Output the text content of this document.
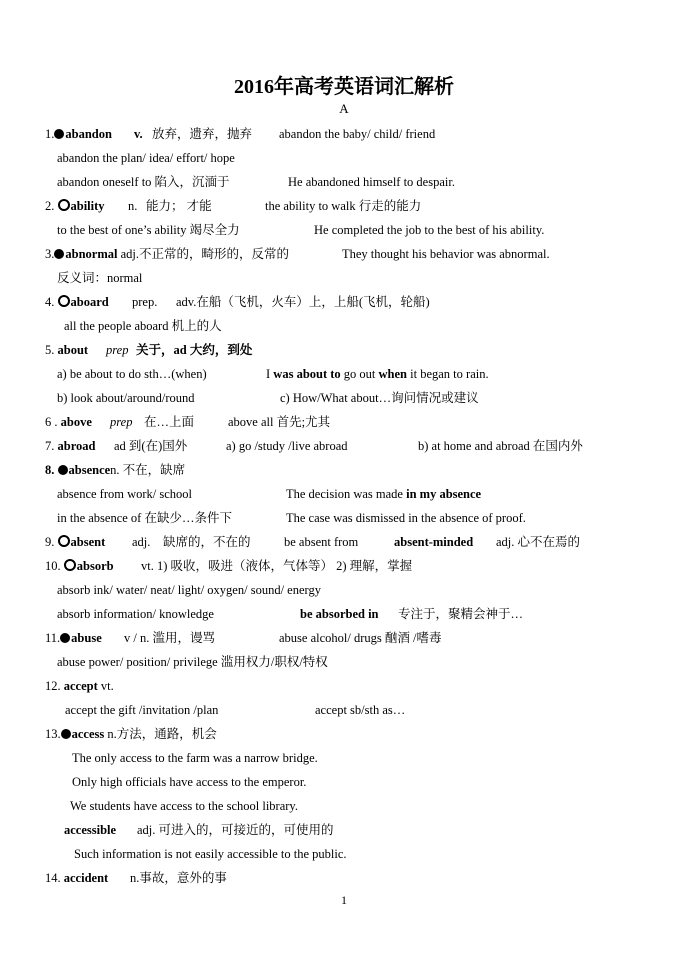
2016年高考英语词汇解析
A
1. abandon v. 放弃，遗弃，抛弃 abandon the baby/ child/ friend
abandon the plan/ idea/ effort/ hope
abandon oneself to 陷入，沉湎于	He abandoned himself to despair.
2. ability n. 能力； 才能	the ability to walk 行走的能力
to the best of one’s ability 竭尽全力	He completed the job to the best of his ability.
3. abnormal adj.不正常的，畸形的，反常的	They thought his behavior was abnormal.
反义词：normal
4. aboard prep. adv.在船（飞机，火车）上，上船(飞机，轮船)
all the people aboard 机上的人
5. about prep 关于，ad 大约，到处
a) be about to do sth…(when)	I was about to go out when it began to rain.
b) look about/around/round	c) How/What about…询问情况或建议
6 . above prep 在…上面	above all 首先;尤其
7. abroad ad 到(在)国外	a) go /study /live abroad	b) at home and abroad 在国内外
8. absencen. 不在，缺席
absence from work/ school	The decision was made in my absence
in the absence of 在缺少…条件下	The case was dismissed in the absence of proof.
9. absent adj. 缺席的，不在的	be absent from	absent-minded adj. 心不在焉的
10. absorb vt. 1) 吸收，吸进（液体，气体等） 2) 理解，掌握
absorb ink/ water/ neat/ light/ oxygen/ sound/ energy
absorb information/ knowledge	be absorbed in 专注于，聚精会神于…
11. abuse v / n. 滥用，谩骂	abuse alcohol/ drugs 酗酒 /嗜毒
abuse power/ position/ privilege 滥用权力/职权/特权
12. accept vt.
accept the gift /invitation /plan	accept sb/sth as…
13. access n.方法，通路，机会
The only access to the farm was a narrow bridge.
Only high officials have access to the emperor.
We students have access to the school library.
accessible adj. 可进入的，可接近的，可使用的
Such information is not easily accessible to the public.
14. accident n.事故，意外的事
1
